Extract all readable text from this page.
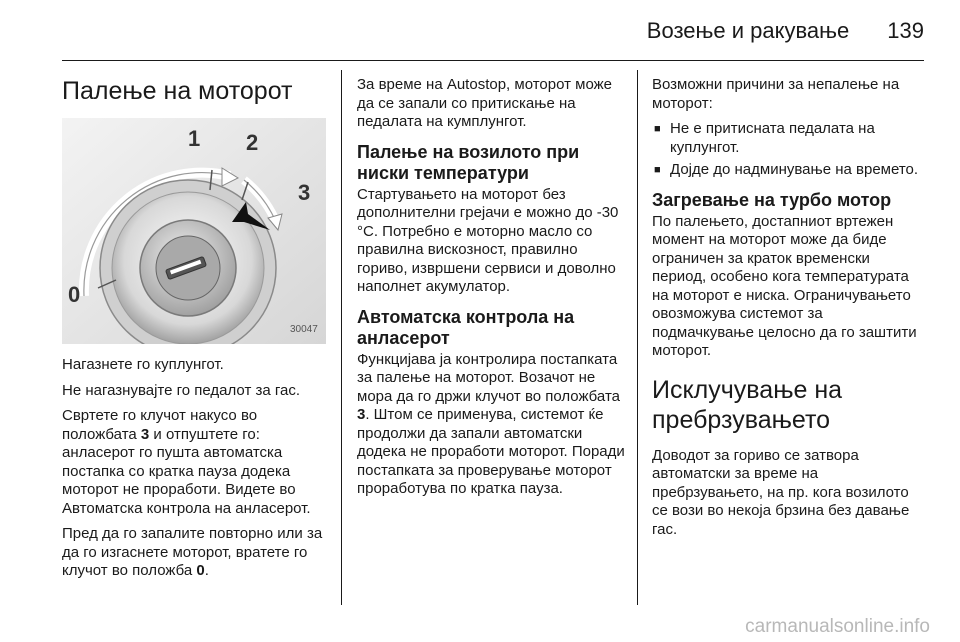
Возење и ракување 139
Палење на моторот
1 2
3
0
30047

Нагазнете го куплунгот.

Не нагазнувајте го педалот за гас.

Свртете го клучот накусо во положбата 3 и отпуштете го: анласерот го пушта автоматска постапка со кратка пауза додека моторот не проработи. Видете во Автоматска контрола на анласерот.

Пред да го запалите повторно или за да го изгаснете моторот, вратете го клучот во положба 0.

За време на Autostop, моторот може да се запали со притискање на педалата на кумплунгот.

Палење на возилото при ниски температури

Стартувањето на моторот без дополнителни грејачи е можно до -30 °С. Потребно е моторно масло со правилна вискозност, правилно гориво, извршени сервиси и доволно наполнет акумулатор.

Автоматска контрола на анласерот

Функцијава ја контролира постапката за палење на моторот. Возачот не мора да го држи клучот во положбата 3. Штом се применува, системот ќе продолжи да запали автоматски додека не проработи моторот. Поради постапката за проверување моторот проработува по кратка пауза.

Возможни причини за непалење на моторот:

■ Не е притисната педалата на куплунгот.
■ Дојде до надминување на времето.
Загревање на турбо мотор

По палењето, достапниот вртежен момент на моторот може да биде ограничен за краток временски период, особено кога температурата на моторот е ниска. Ограничувањето овозможува системот за подмачкување целосно да го заштити моторот.

Исклучување на пребрзувањето

Доводот за гориво се затвора автоматски за време на пребрзувањето, на пр. кога возилото се вози во некоја брзина без давање гас.

carmanualsonline.info
